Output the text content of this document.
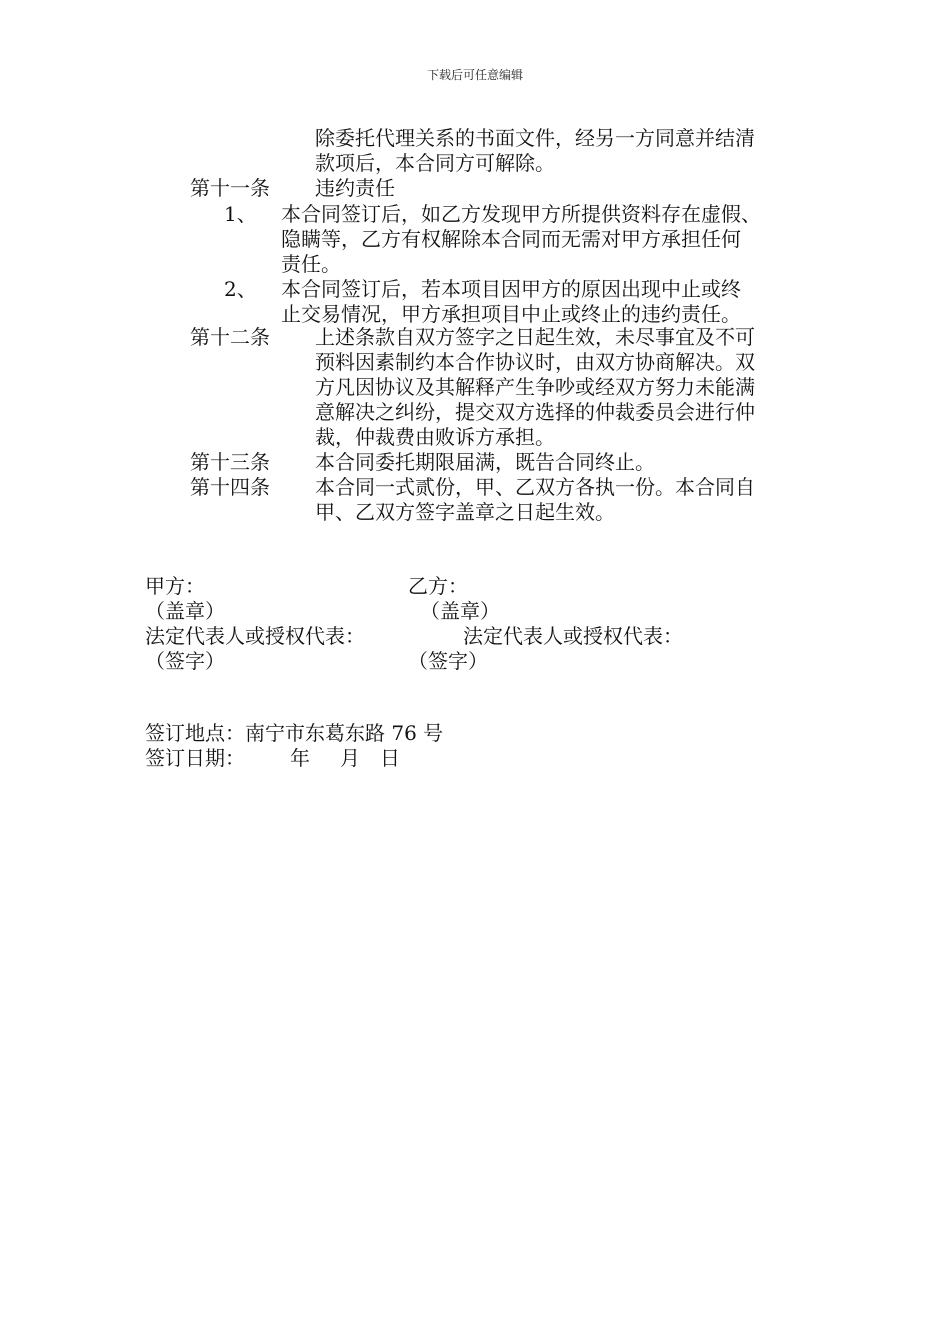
下载后可任意编辑
除委托代理关系的书面文件，经另一方同意并结清
款项后，本合同方可解除。
第十一条 违约责任
1、 本合同签订后，如乙方发现甲方所提供资料存在虚假、
隐瞒等，乙方有权解除本合同而无需对甲方承担任何
责任。
2、 本合同签订后，若本项目因甲方的原因出现中止或终
止交易情况，甲方承担项目中止或终止的违约责任。
第十二条 上述条款自双方签字之日起生效，未尽事宜及不可
预料因素制约本合作协议时，由双方协商解决。双
方凡因协议及其解释产生争吵或经双方努力未能满
意解决之纠纷，提交双方选择的仲裁委员会进行仲
裁，仲裁费由败诉方承担。
第十三条 本合同委托期限届满，既告合同终止。
第十四条 本合同一式贰份，甲、乙双方各执一份。本合同自
甲、乙双方签字盖章之日起生效。
甲方：	乙方：
（盖章）	（盖章）
法定代表人或授权代表：	法定代表人或授权代表：
（签字）	（签字）
签订地点：南宁市东葛东路 76 号
签订日期： 年 月 日
